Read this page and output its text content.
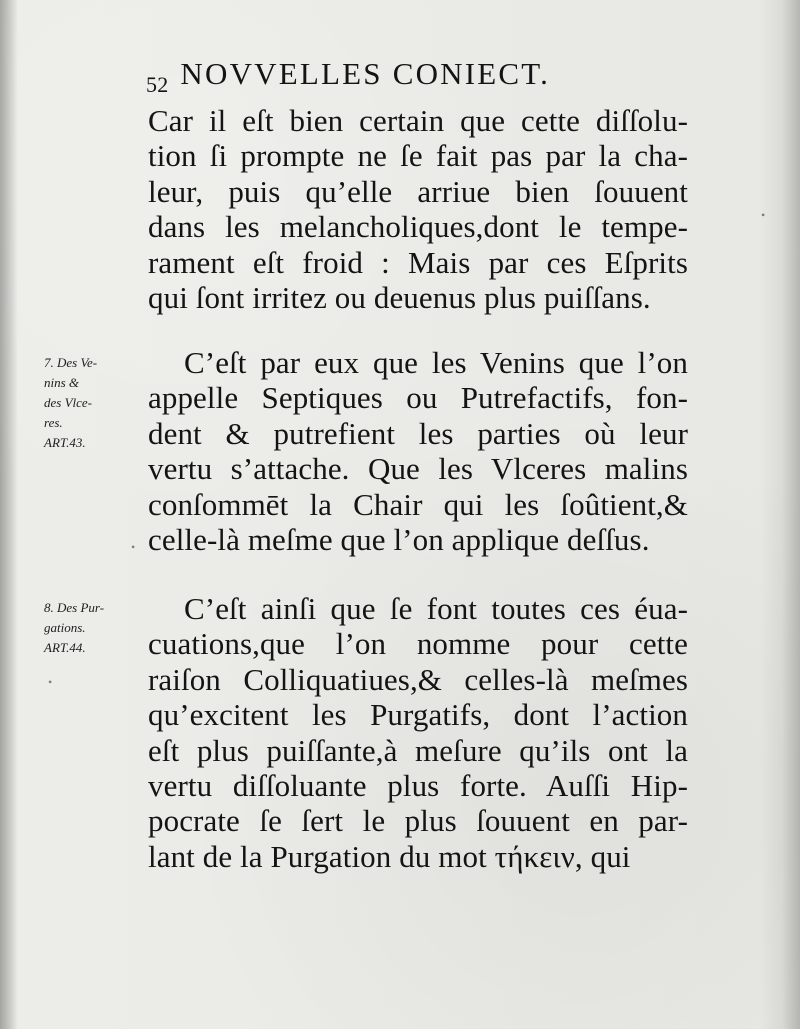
52 NOVVELLES CONIECT.
Car il eſt bien certain que cette diſſolu-
tion ſi prompte ne ſe fait pas par la cha-
leur, puis qu’elle arriue bien ſouuent
dans les melancholiques,dont le tempe-
rament eſt froid : Mais par ces Eſprits
qui ſont irritez ou deuenus plus puiſſans.
7. Des Ve-
nins &
des Vlce-
res.
ART.43.
C’eſt par eux que les Venins que l’on
appelle Septiques ou Putrefactifs, fon-
dent & putrefient les parties où leur
vertu s’attache. Que les Vlceres malins
conſommēt la Chair qui les ſoûtient,&
celle-là meſme que l’on applique deſſus.
8. Des Pur-
gations.
ART.44.
C’eſt ainſi que ſe font toutes ces éua-
cuations,que l’on nomme pour cette
raiſon Colliquatiues,& celles-là meſmes
qu’excitent les Purgatifs, dont l’action
eſt plus puiſſante,à meſure qu’ils ont la
vertu diſſoluante plus forte. Auſſi Hip-
pocrate ſe ſert le plus ſouuent en par-
lant de la Purgation du mot τήκειν, qui
•
•
•
